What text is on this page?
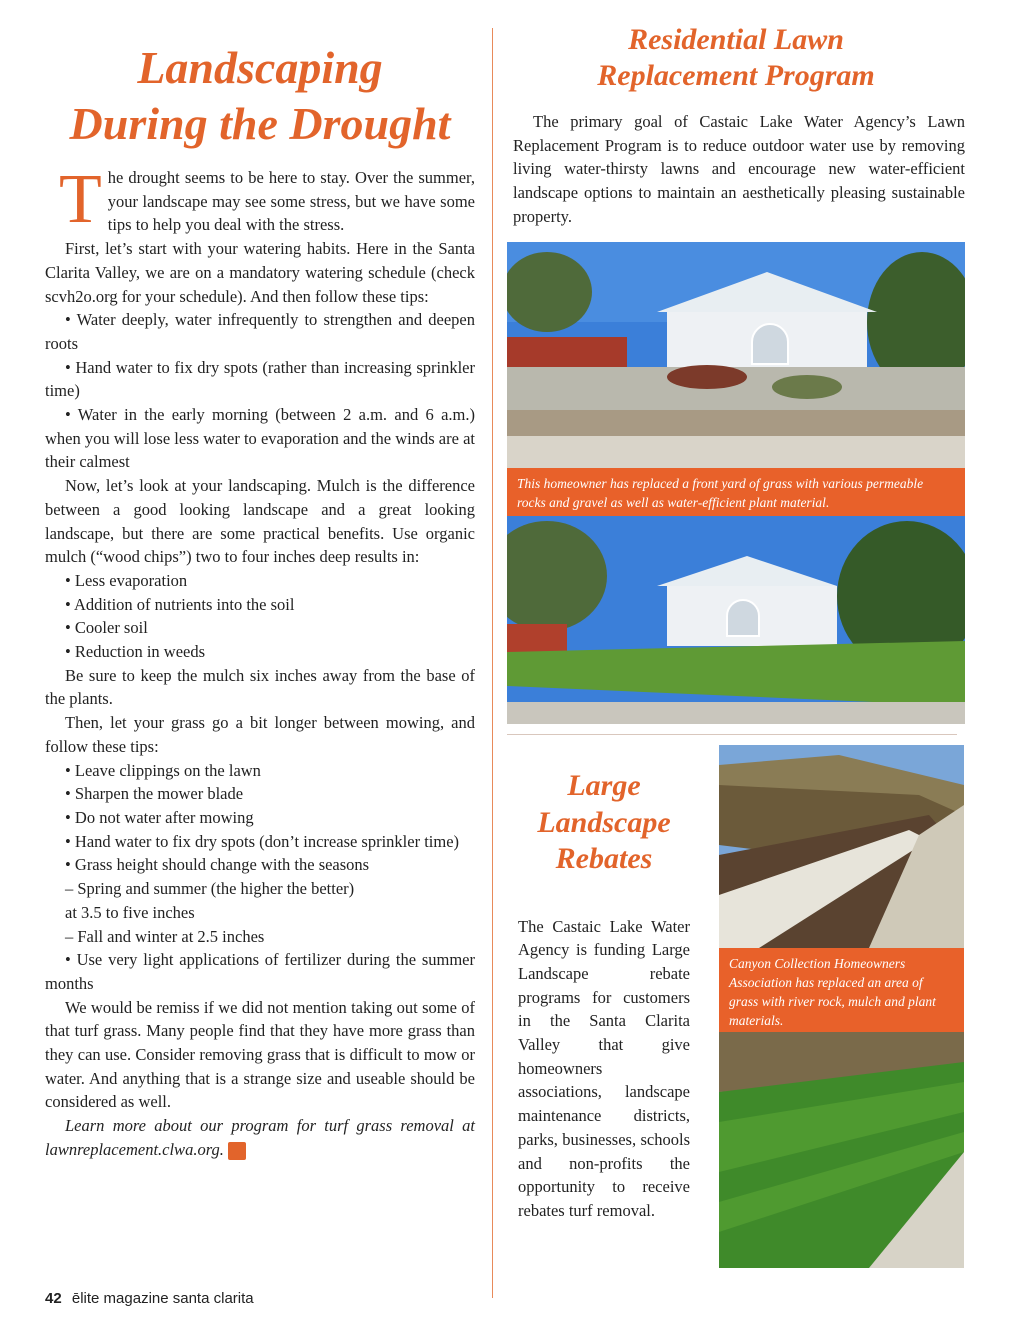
Landscaping
During the Drought

The drought seems to be here to stay. Over the summer, your landscape may see some stress, but we have some tips to help you deal with the stress.

First, let’s start with your watering habits. Here in the Santa Clarita Valley, we are on a mandatory watering schedule (check scvh2o.org for your schedule). And then follow these tips:

• Water deeply, water infrequently to strengthen and deepen roots

• Hand water to fix dry spots (rather than increasing sprinkler time)

• Water in the early morning (between 2 a.m. and 6 a.m.) when you will lose less water to evaporation and the winds are at their calmest

Now, let’s look at your landscaping. Mulch is the difference between a good looking landscape and a great looking landscape, but there are some practical benefits. Use organic mulch (“wood chips”) two to four inches deep results in:

• Less evaporation

• Addition of nutrients into the soil

• Cooler soil

• Reduction in weeds

Be sure to keep the mulch six inches away from the base of the plants.

Then, let your grass go a bit longer between mowing, and follow these tips:

• Leave clippings on the lawn

• Sharpen the mower blade

• Do not water after mowing

• Hand water to fix dry spots (don’t increase sprinkler time)

• Grass height should change with the seasons

– Spring and summer (the higher the better)

at 3.5 to five inches

– Fall and winter at 2.5 inches

• Use very light applications of fertilizer during the summer months

We would be remiss if we did not mention taking out some of that turf grass. Many people find that they have more grass than they can use. Consider removing grass that is difficult to mow or water. And anything that is a strange size and useable should be considered as well.

Learn more about our program for turf grass removal at lawnreplacement.clwa.org. ê

42 ēlite magazine santa clarita
Residential Lawn
Replacement Program

The primary goal of Castaic Lake Water Agency’s Lawn Replacement Program is to reduce outdoor water use by removing living water-thirsty lawns and encourage new water-efficient landscape options to maintain an aesthetically pleasing sustainable property.

This homeowner has replaced a front yard of grass with various permeable rocks and gravel as well as water-efficient plant material.
Large
Landscape
Rebates

The Castaic Lake Water Agency is funding Large Landscape rebate programs for customers in the Santa Clarita Valley that give homeowners associations, landscape maintenance districts, parks, businesses, schools and non-profits the opportunity to receive rebates turf removal.

Canyon Collection Homeowners Association has replaced an area of grass with river rock, mulch and plant materials.
